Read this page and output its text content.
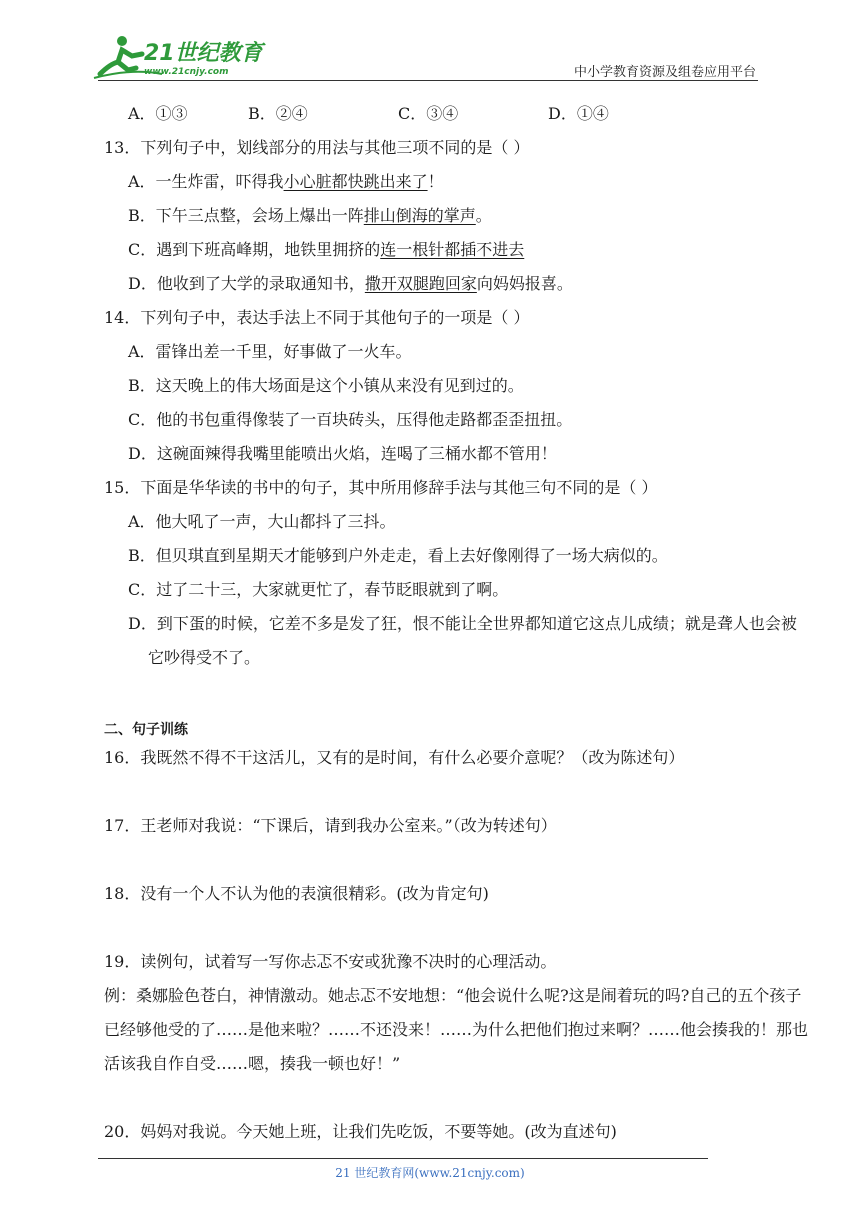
21世纪教育
www.21cnjy.com	中小学教育资源及组卷应用平台
A．①③	B．②④	C．③④	D．①④
13．下列句子中，划线部分的用法与其他三项不同的是（ ）
A．一生炸雷，吓得我小心脏都快跳出来了！
B．下午三点整，会场上爆出一阵排山倒海的掌声。
C．遇到下班高峰期，地铁里拥挤的连一根针都插不进去
D．他收到了大学的录取通知书，撒开双腿跑回家向妈妈报喜。
14．下列句子中，表达手法上不同于其他句子的一项是（ ）
A．雷锋出差一千里，好事做了一火车。
B．这天晚上的伟大场面是这个小镇从来没有见到过的。
C．他的书包重得像装了一百块砖头，压得他走路都歪歪扭扭。
D．这碗面辣得我嘴里能喷出火焰，连喝了三桶水都不管用！
15．下面是华华读的书中的句子，其中所用修辞手法与其他三句不同的是（ ）
A．他大吼了一声，大山都抖了三抖。
B．但贝琪直到星期天才能够到户外走走，看上去好像刚得了一场大病似的。
C．过了二十三，大家就更忙了，春节眨眼就到了啊。
D．到下蛋的时候，它差不多是发了狂，恨不能让全世界都知道它这点儿成绩；就是聋人也会被
它吵得受不了。
二、句子训练
16．我既然不得不干这活儿，又有的是时间，有什么必要介意呢？（改为陈述句）
17．王老师对我说：“下课后，请到我办公室来。”（改为转述句）
18．没有一个人不认为他的表演很精彩。(改为肯定句)
19．读例句，试着写一写你忐忑不安或犹豫不决时的心理活动。
例：桑娜脸色苍白，神情激动。她忐忑不安地想：“他会说什么呢?这是闹着玩的吗?自己的五个孩子
已经够他受的了……是他来啦？……不还没来！……为什么把他们抱过来啊？……他会揍我的！那也
活该我自作自受……嗯，揍我一顿也好！”
20．妈妈对我说。今天她上班，让我们先吃饭，不要等她。(改为直述句)
21 世纪教育网(www.21cnjy.com)
